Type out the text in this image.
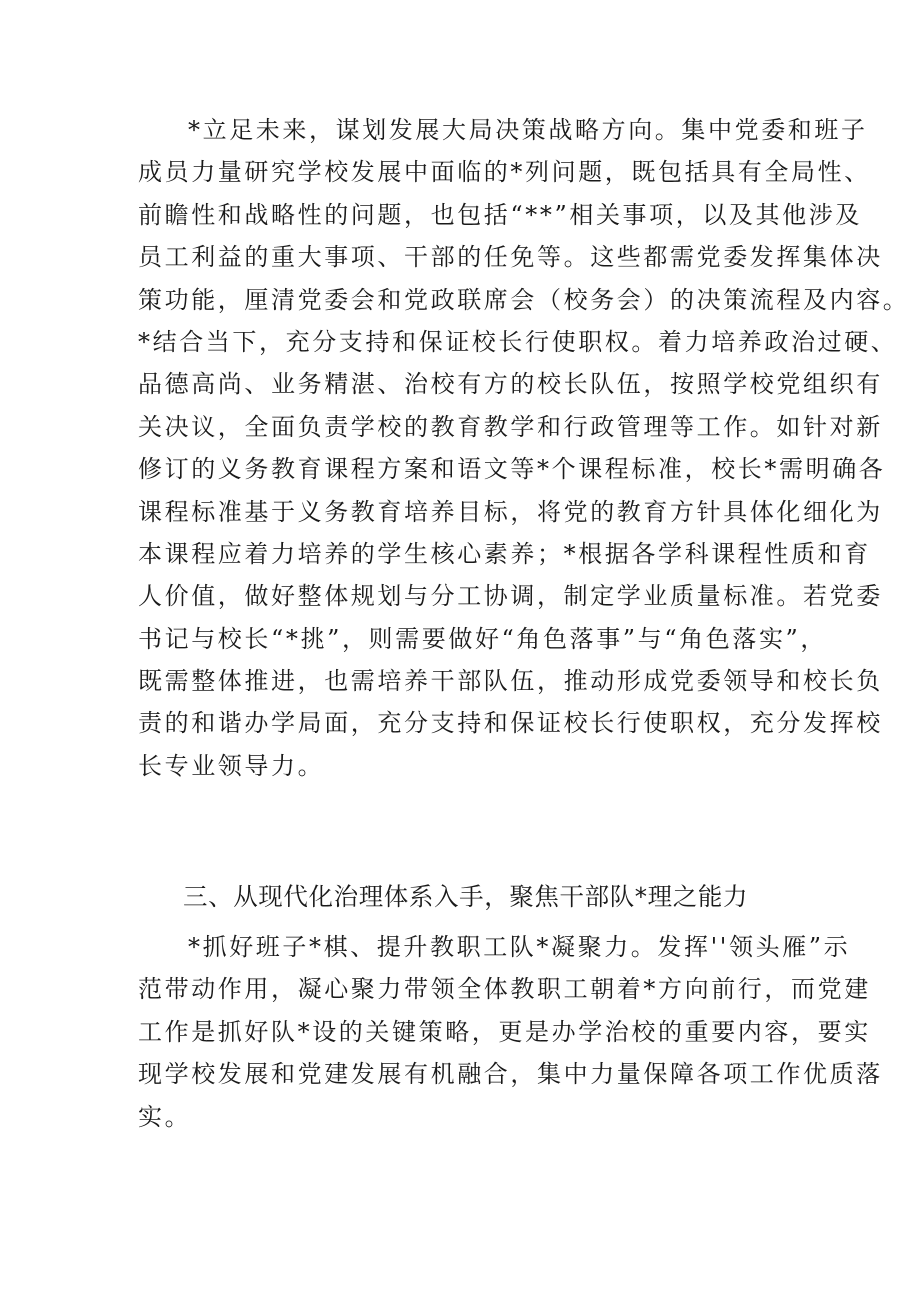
*立足未来，谋划发展大局决策战略方向。集中党委和班子
成员力量研究学校发展中面临的*列问题，既包括具有全局性、
前瞻性和战略性的问题，也包括“**”相关事项，以及其他涉及
员工利益的重大事项、干部的任免等。这些都需党委发挥集体决
策功能，厘清党委会和党政联席会（校务会）的决策流程及内容。
*结合当下，充分支持和保证校长行使职权。着力培养政治过硬、
品德高尚、业务精湛、治校有方的校长队伍，按照学校党组织有
关决议，全面负责学校的教育教学和行政管理等工作。如针对新
修订的义务教育课程方案和语文等*个课程标准，校长*需明确各
课程标准基于义务教育培养目标，将党的教育方针具体化细化为
本课程应着力培养的学生核心素养；*根据各学科课程性质和育
人价值，做好整体规划与分工协调，制定学业质量标准。若党委
书记与校长“*挑”，则需要做好“角色落事”与“角色落实”，
既需整体推进，也需培养干部队伍，推动形成党委领导和校长负
责的和谐办学局面，充分支持和保证校长行使职权，充分发挥校
长专业领导力。
三、从现代化治理体系入手，聚焦干部队*理之能力
*抓好班子*棋、提升教职工队*凝聚力。发挥''领头雁”示
范带动作用，凝心聚力带领全体教职工朝着*方向前行，而党建
工作是抓好队*设的关键策略，更是办学治校的重要内容，要实
现学校发展和党建发展有机融合，集中力量保障各项工作优质落
实。
